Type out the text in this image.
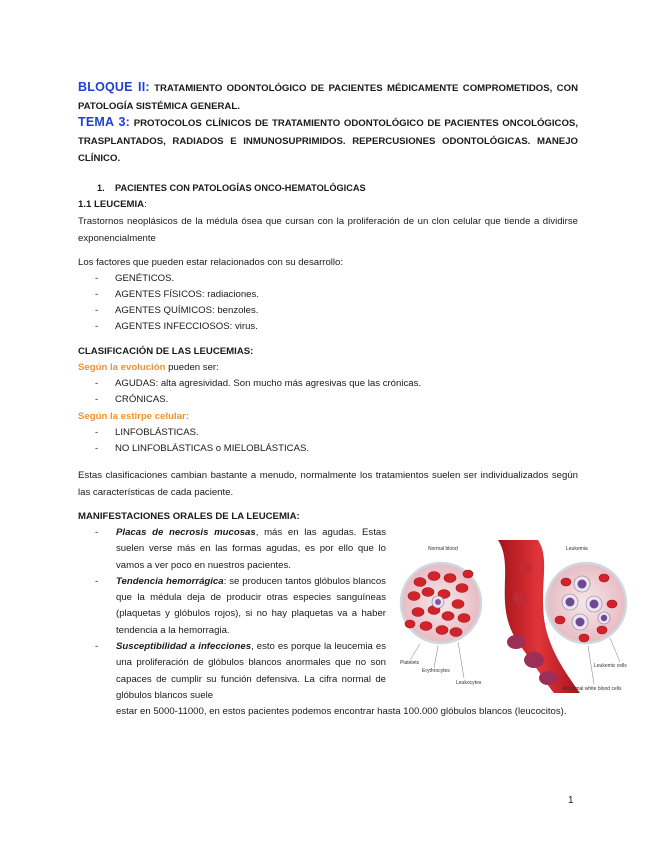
BLOQUE II: TRATAMIENTO ODONTOLÓGICO DE PACIENTES MÉDICAMENTE COMPROMETIDOS, CON PATOLOGÍA SISTÉMICA GENERAL.
TEMA 3: PROTOCOLOS CLÍNICOS DE TRATAMIENTO ODONTOLÓGICO DE PACIENTES ONCOLÓGICOS, TRASPLANTADOS, RADIADOS E INMUNOSUPRIMIDOS. REPERCUSIONES ODONTOLÓGICAS. MANEJO CLÍNICO.
1. PACIENTES CON PATOLOGÍAS ONCO-HEMATOLÓGICAS
1.1 LEUCEMIA:
Trastornos neoplásicos de la médula ósea que cursan con la proliferación de un clon celular que tiende a dividirse exponencialmente
Los factores que pueden estar relacionados con su desarrollo:
- GENÉTICOS.
- AGENTES FÍSICOS: radiaciones.
- AGENTES QUÍMICOS: benzoles.
- AGENTES INFECCIOSOS: virus.
CLASIFICACIÓN DE LAS LEUCEMIAS:
Según la evolución pueden ser:
- AGUDAS: alta agresividad. Son mucho más agresivas que las crónicas.
- CRÓNICAS.
Según la estirpe celular:
- LINFOBLÁSTICAS.
- NO LINFOBLÁSTICAS o MIELOBLÁSTICAS.
Estas clasificaciones cambian bastante a menudo, normalmente los tratamientos suelen ser individualizados según las características de cada paciente.
MANIFESTACIONES ORALES DE LA LEUCEMIA:

- Placas de necrosis mucosas, más en las agudas. Estas suelen verse más en las formas agudas, es por ello que lo vamos a ver poco en nuestros pacientes.

- Tendencia hemorrágica: se producen tantos glóbulos blancos que la médula deja de producir otras especies sanguíneas (plaquetas y glóbulos rojos), si no hay plaquetas va a haber tendencia a la hemorragia.

- Susceptibilidad a infecciones, esto es porque la leucemia es una proliferación de glóbulos blancos anormales que no son capaces de cumplir su función defensiva. La cifra normal de glóbulos blancos suele

estar en 5000-11000, en estos pacientes podemos encontrar hasta 100.000 glóbulos blancos (leucocitos).
Normal blood	Leukemia
Platelets
Erythrocytes
Leukocytes
Leukemic cells
Abnormal white blood cells
1
